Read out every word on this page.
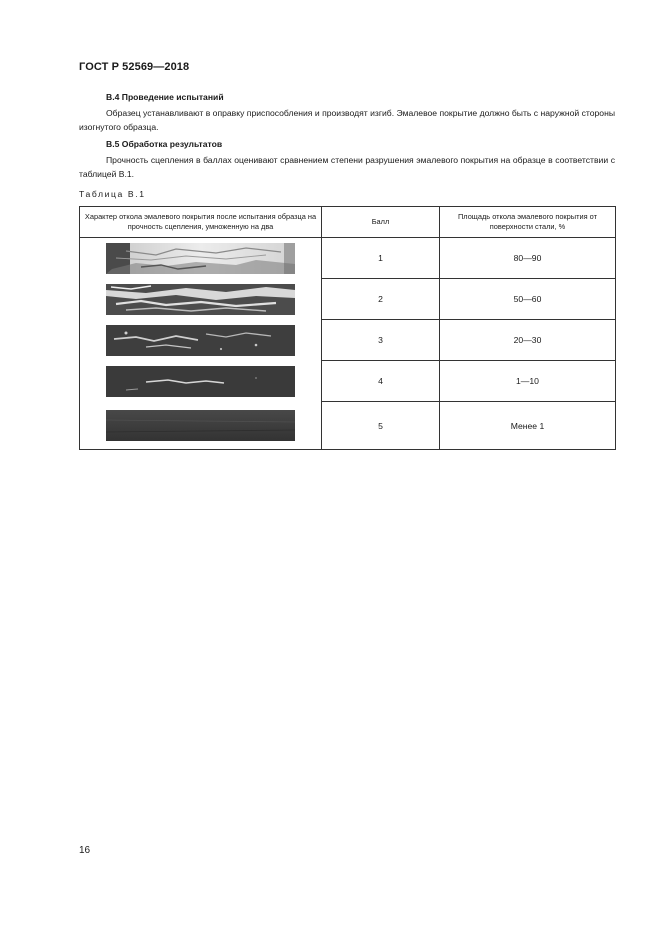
ГОСТ Р 52569—2018
В.4 Проведение испытаний
Образец устанавливают в оправку приспособления и производят изгиб. Эмалевое покрытие должно быть с наружной стороны изогнутого образца.
В.5 Обработка результатов
Прочность сцепления в баллах оценивают сравнением степени разрушения эмалевого покрытия на образце в соответствии с таблицей В.1.
Таблица В.1
Характер откола эмалевого покрытия после испытания образца на прочность сцепления, умноженную на два	Балл	Площадь откола эмалевого покрытия от поверхности стали, %

	1	80—90

	2	50—60

	3	20—30

	4	1—10

	5	Менее 1
16
